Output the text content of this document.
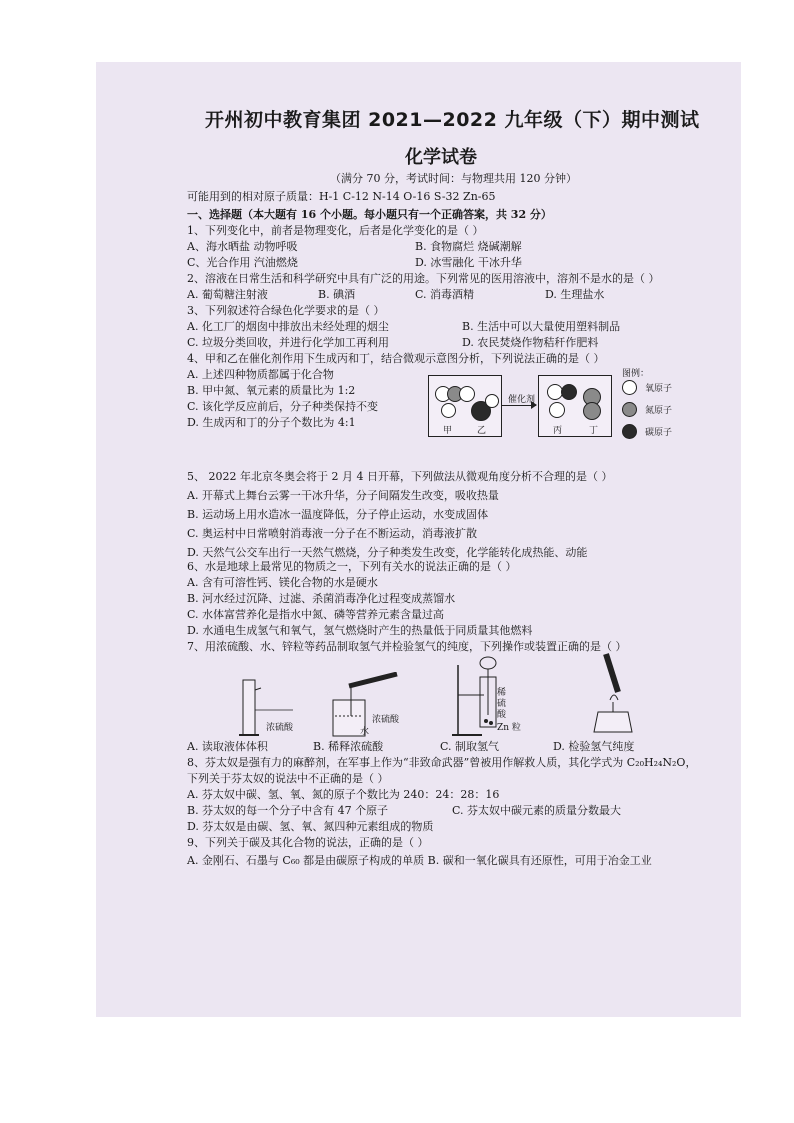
开州初中教育集团 2021—2022 九年级（下）期中测试
化学试卷
（满分 70 分，考试时间：与物理共用 120 分钟）
可能用到的相对原子质量：H-1 C-12 N-14 O-16 S-32 Zn-65
一、选择题（本大题有 16 个小题。每小题只有一个正确答案，共 32 分）
1、下列变化中，前者是物理变化，后者是化学变化的是（ ）
A、海水晒盐 动物呼吸	B. 食物腐烂 烧碱潮解
C、光合作用 汽油燃烧	D. 冰雪融化 干冰升华
2、溶液在日常生活和科学研究中具有广泛的用途。下列常见的医用溶液中，溶剂不是水的是（ ）
A. 葡萄糖注射液	B. 碘酒	C. 消毒酒精	D. 生理盐水
3、下列叙述符合绿色化学要求的是（ ）
A. 化工厂的烟囱中排放出未经处理的烟尘	B. 生活中可以大量使用塑料制品
C. 垃圾分类回收，并进行化学加工再利用	D. 农民焚烧作物秸秆作肥料
4、甲和乙在催化剂作用下生成丙和丁，结合微观示意图分析，下列说法正确的是（ ）
A. 上述四种物质都属于化合物
B. 甲中氮、氧元素的质量比为 1:2
C. 该化学反应前后，分子种类保持不变
D. 生成丙和丁的分子个数比为 4:1
甲	乙
催化剂
丙	丁
图例：
氧原子
氮原子
碳原子
5、 2022 年北京冬奥会将于 2 月 4 日开幕，下列做法从微观角度分析不合理的是（ ）
A. 开幕式上舞台云雾一干冰升华，分子间隔发生改变，吸收热量
B. 运动场上用水造冰一温度降低，分子停止运动，水变成固体
C. 奥运村中日常喷射消毒液一分子在不断运动，消毒液扩散
D. 天然气公交车出行一天然气燃烧，分子种类发生改变，化学能转化成热能、动能
6、水是地球上最常见的物质之一，下列有关水的说法正确的是（ ）
A. 含有可溶性钙、镁化合物的水是硬水
B. 河水经过沉降、过滤、杀菌消毒净化过程变成蒸馏水
C. 水体富营养化是指水中氮、磷等营养元素含量过高
D. 水通电生成氢气和氧气，氢气燃烧时产生的热量低于同质量其他燃料
7、用浓硫酸、水、锌粒等药品制取氢气并检验氢气的纯度，下列操作或装置正确的是（ ）
浓硫酸
浓硫酸
水
稀硫酸
Zn 粒
A. 读取液体体积	B. 稀释浓硫酸	C. 制取氢气	D. 检验氢气纯度
8、芬太奴是强有力的麻醉剂，在军事上作为“非致命武器”曾被用作解救人质，其化学式为 C₂₀H₂₄N₂O，
下列关于芬太奴的说法中不正确的是（ ）
A. 芬太奴中碳、氢、氧、氮的原子个数比为 240：24：28：16
B. 芬太奴的每一个分子中含有 47 个原子	C. 芬太奴中碳元素的质量分数最大
D. 芬太奴是由碳、氢、氧、氮四种元素组成的物质
9、下列关于碳及其化合物的说法，正确的是（ ）
A. 金刚石、石墨与 C₆₀ 都是由碳原子构成的单质 B. 碳和一氧化碳具有还原性，可用于冶金工业
